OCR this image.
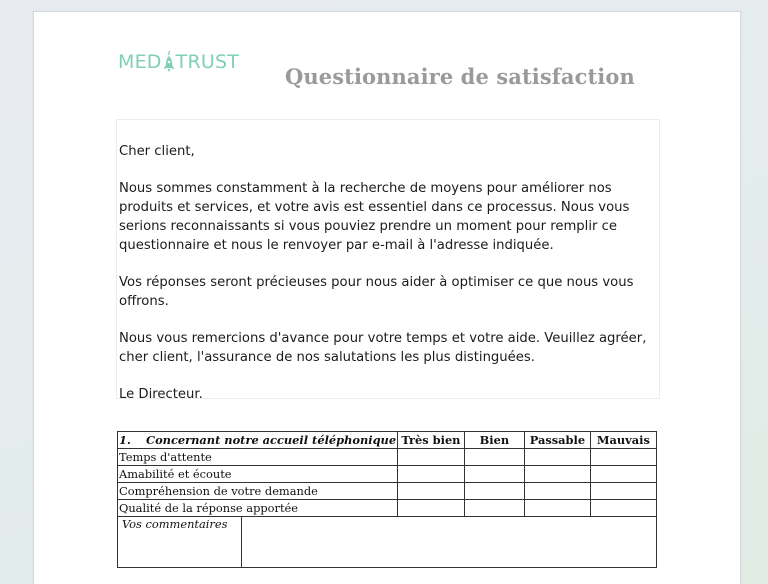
MED TRUST
Questionnaire de satisfaction

Cher client,

Nous sommes constamment à la recherche de moyens pour améliorer nos produits et services, et votre avis est essentiel dans ce processus. Nous vous serions reconnaissants si vous pouviez prendre un moment pour remplir ce questionnaire et nous le renvoyer par e-mail à l'adresse indiquée.

Vos réponses seront précieuses pour nous aider à optimiser ce que nous vous offrons.

Nous vous remercions d'avance pour votre temps et votre aide. Veuillez agréer, cher client, l'assurance de nos salutations les plus distinguées.

Le Directeur.

1. Concernant notre accueil téléphonique	Très bien	Bien	Passable	Mauvais
Temps d'attente				
Amabilité et écoute				
Compréhension de votre demande				
Qualité de la réponse apportée				

Vos commentaires				
